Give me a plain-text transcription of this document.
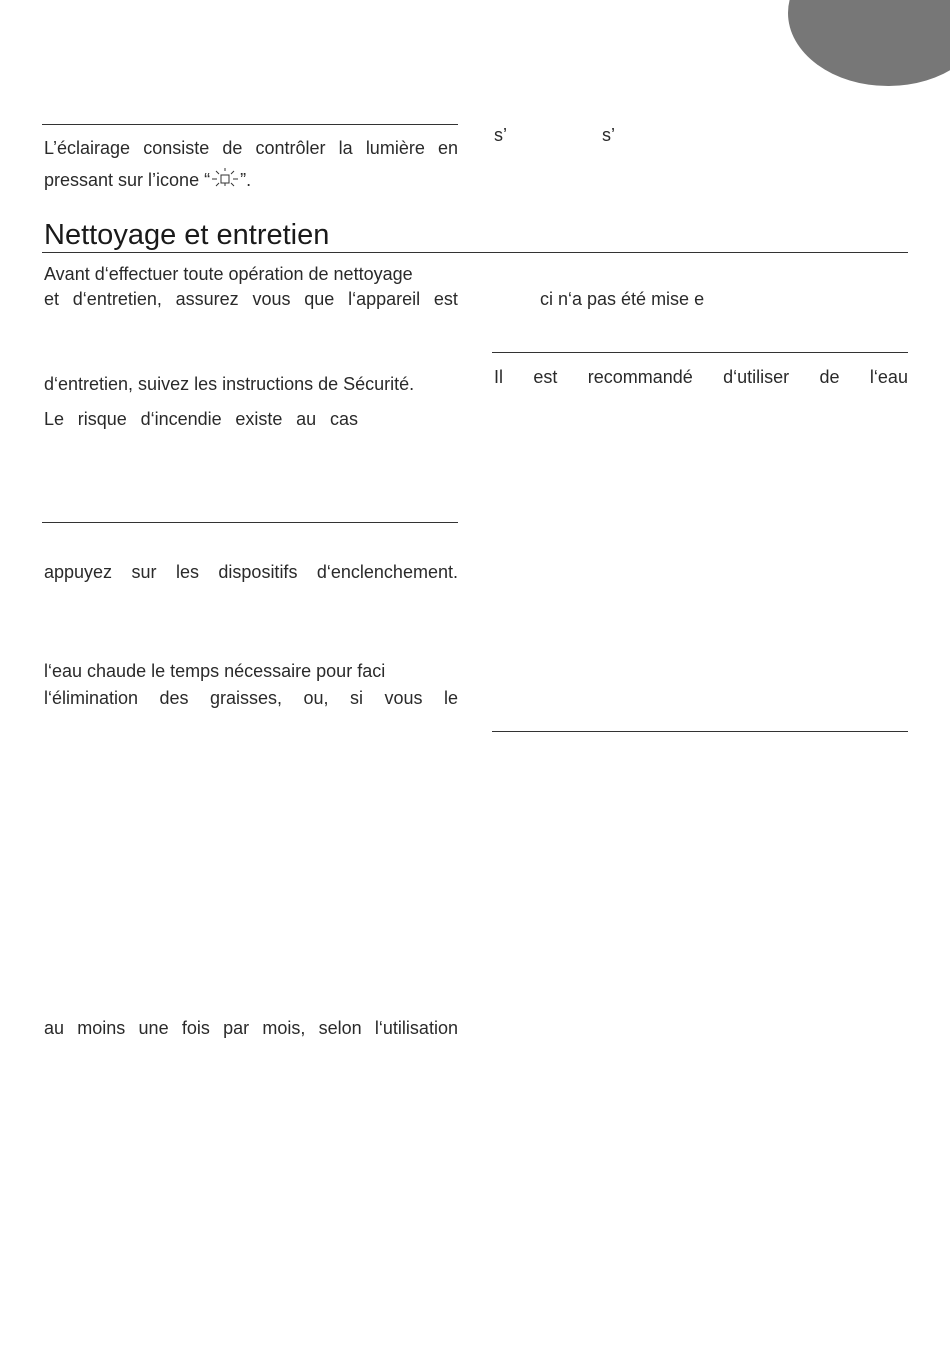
L’éclairage consiste de contrôler la lumière en

pressant sur l’icone “ ”.

Nettoyage et entretien

Avant d‘effectuer toute opération de nettoyage

et d‘entretien, assurez vous que l‘appareil est

d‘entretien, suivez les instructions de Sécurité.

Le risque d‘incendie existe au cas
appuyez sur les dispositifs d‘enclenchement.

l‘eau chaude le temps nécessaire pour faci

l‘élimination des graisses, ou, si vous le
au moins une fois par mois, selon l‘utilisation
s’	s’

ci n‘a pas été mise e

Il est recommandé d‘utiliser de l‘eau
